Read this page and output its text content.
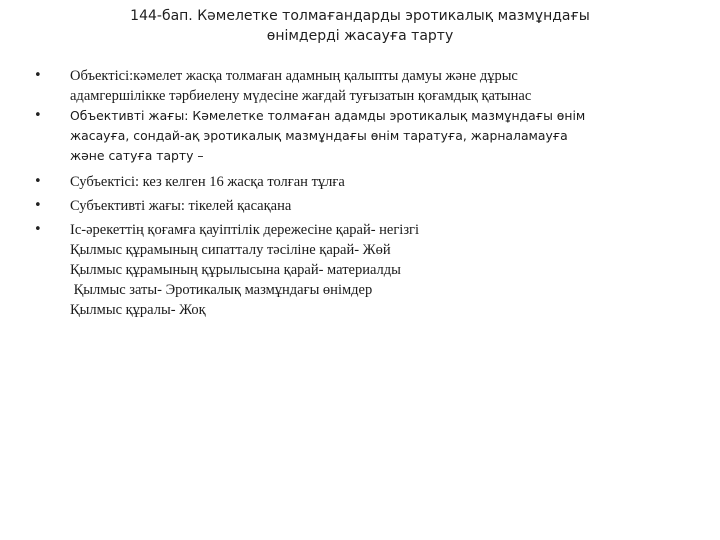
144-бап. Кәмелетке толмағандарды эротикалық мазмұндағы
өнімдерді жасауға тарту
• Объектісі:кәмелет жасқа толмаған адамның қалыпты дамуы және дұрыс
адамгершілікке тәрбиелену мүдесіне жағдай туғызатын қоғамдық қатынас
• Объективті жағы: Кәмелетке толмаған адамды эротикалық мазмұндағы өнім
жасауға, сондай-ақ эротикалық мазмұндағы өнім таратуға, жарналамауға
және сатуға тарту –
• Субъектісі: кез келген 16 жасқа толған тұлға
• Субъективті жағы: тікелей қасақана
• Іс-әрекеттің қоғамға қауіптілік дережесіне қарай- негізгі
Қылмыс құрамының сипатталу тәсіліне қарай- Жөй
Қылмыс құрамының құрылысына қарай- материалды
Қылмыс заты- Эротикалық мазмұндағы өнімдер
Қылмыс құралы- Жоқ
